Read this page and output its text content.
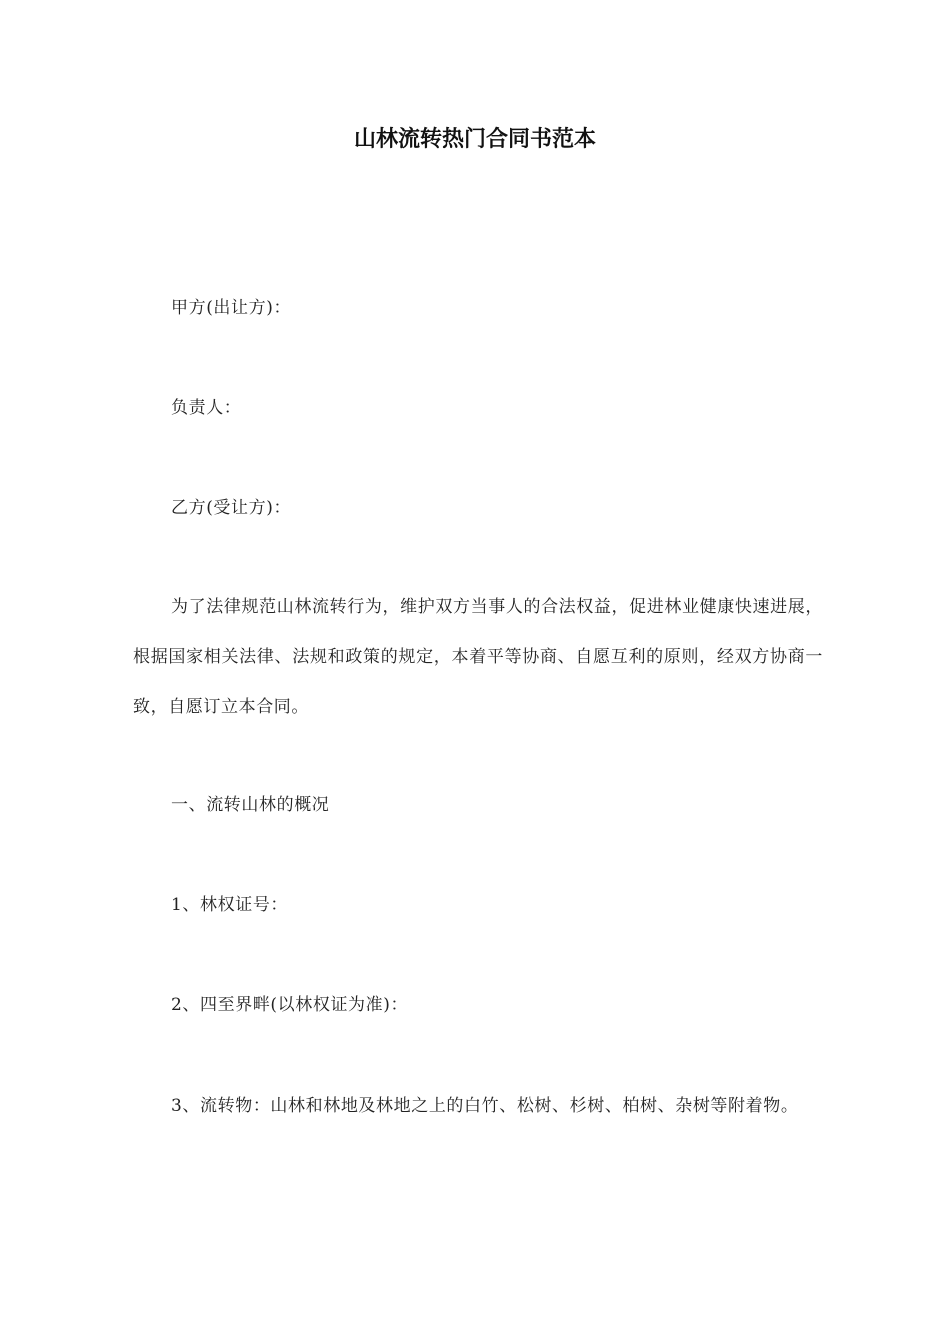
山林流转热门合同书范本

甲方(出让方)：

负责人：

乙方(受让方)：

为了法律规范山林流转行为，维护双方当事人的合法权益，促进林业健康快速进展，根据国家相关法律、法规和政策的规定，本着平等协商、自愿互利的原则，经双方协商一致，自愿订立本合同。

一、流转山林的概况

1、林权证号：

2、四至界畔(以林权证为准)：

3、流转物：山林和林地及林地之上的白竹、松树、杉树、柏树、杂树等附着物。
